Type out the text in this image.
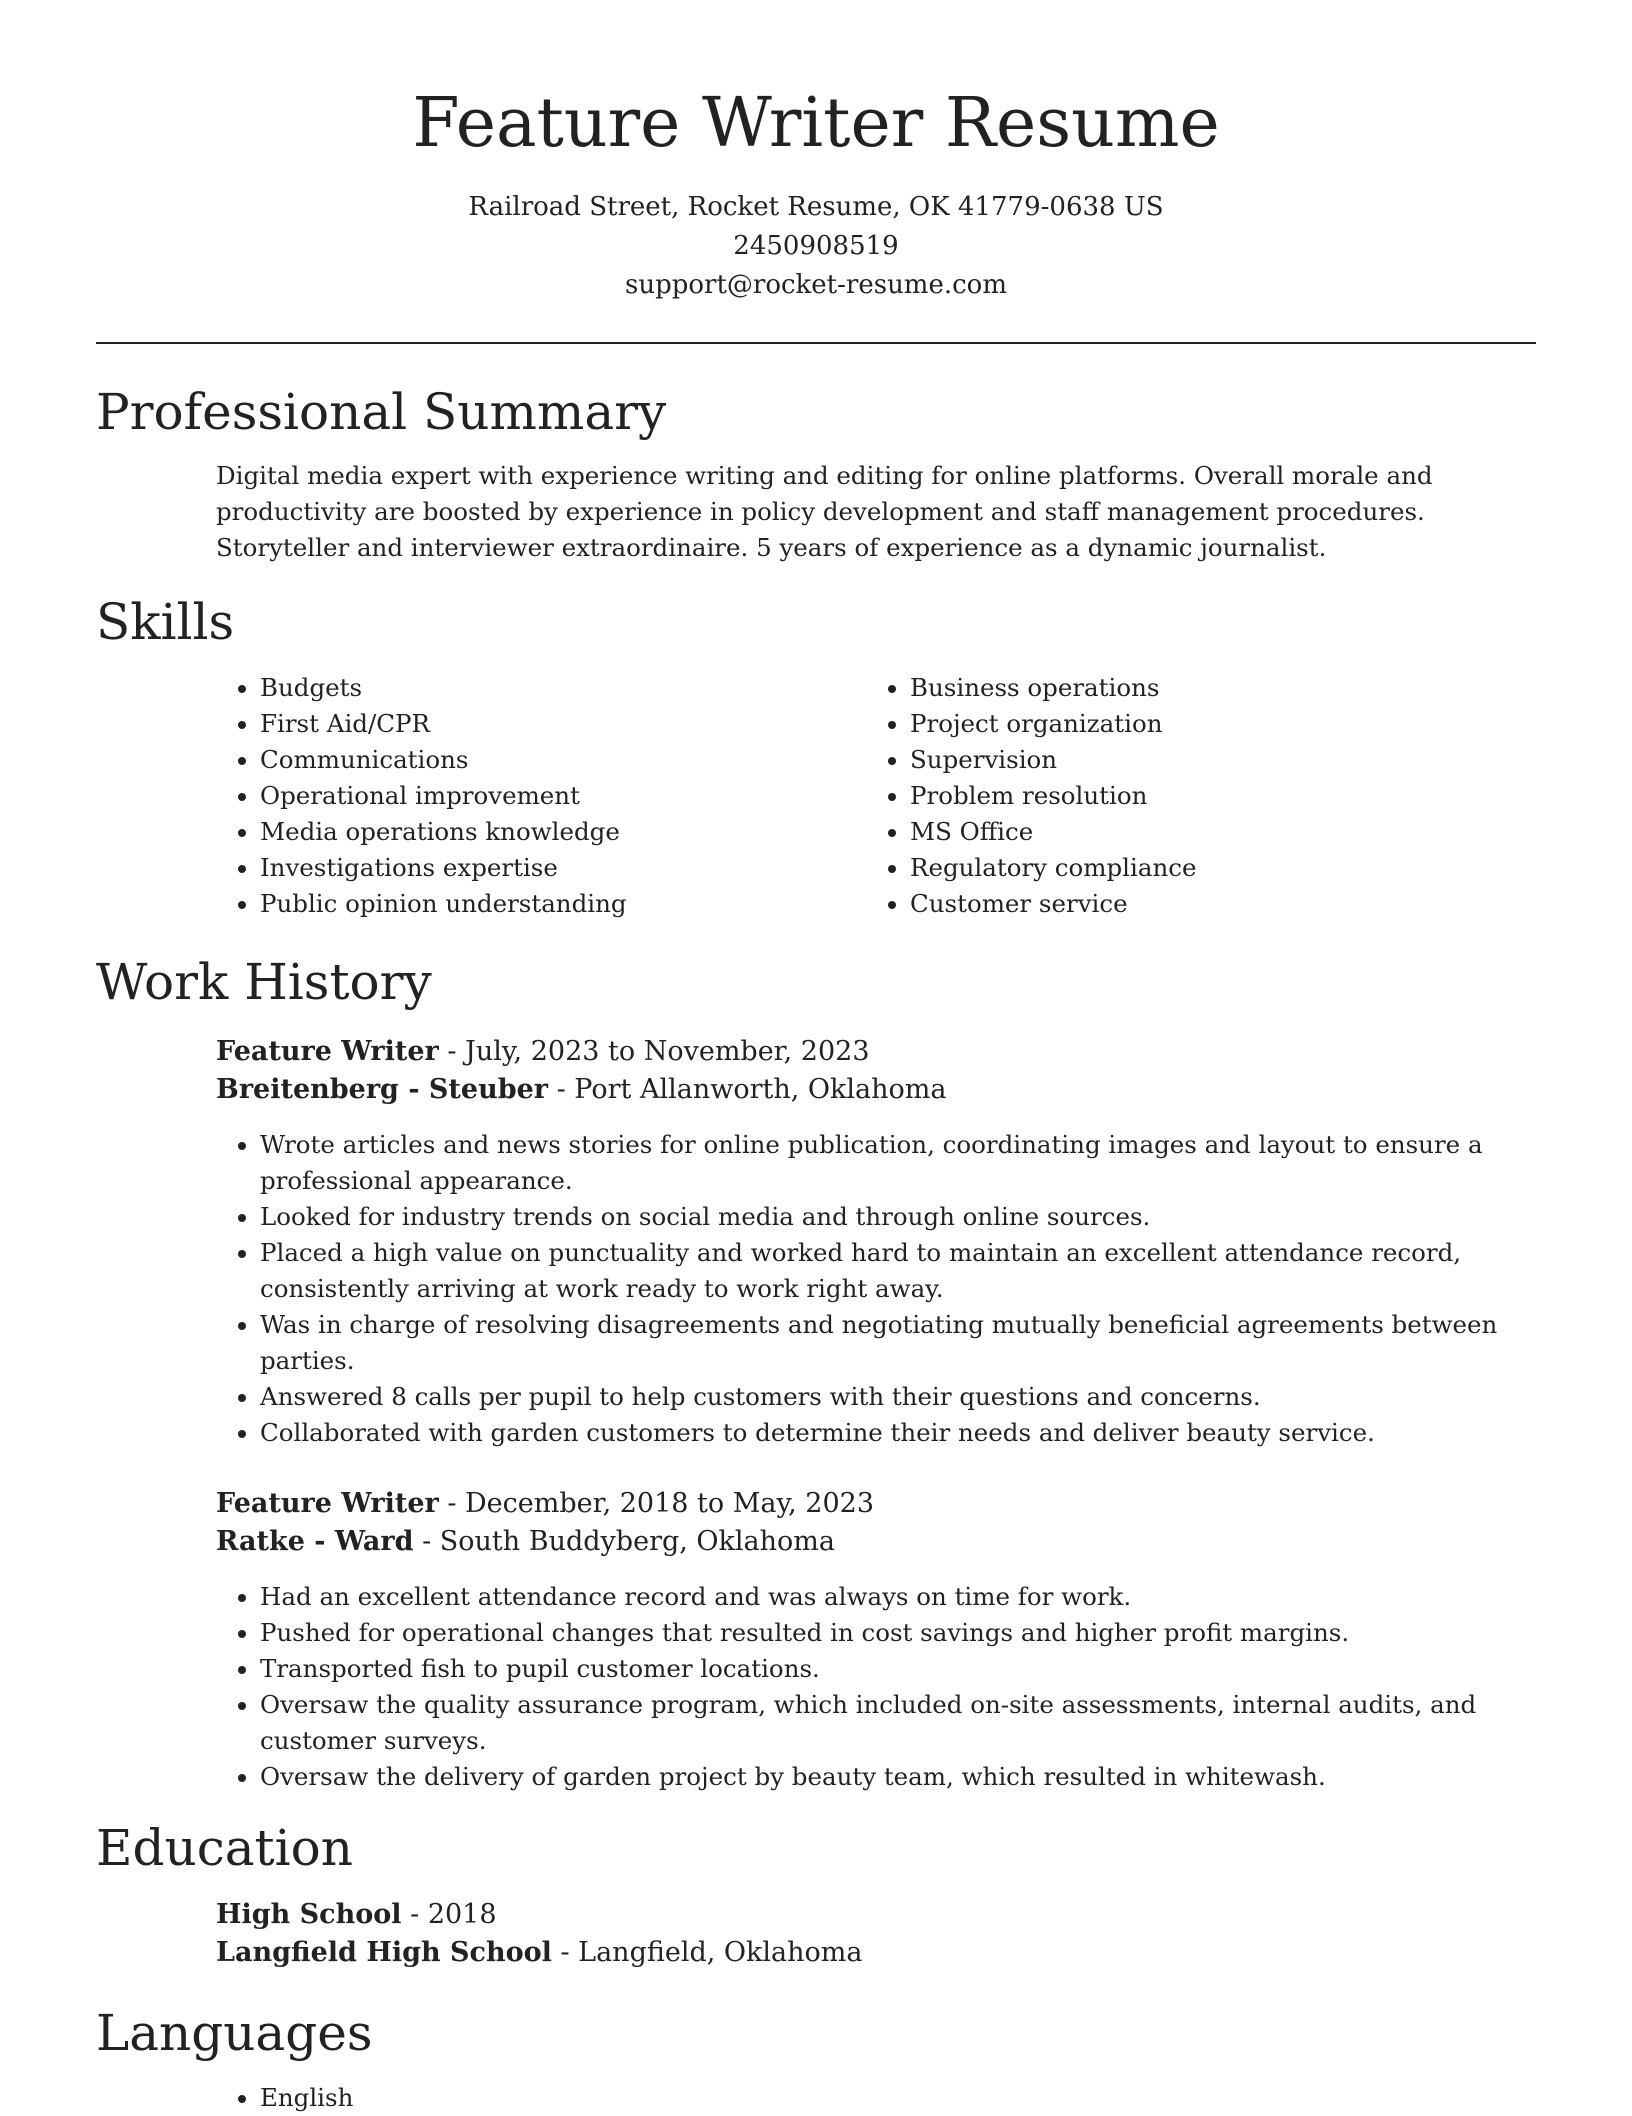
Feature Writer Resume
Railroad Street, Rocket Resume, OK 41779-0638 US
2450908519
support@rocket-resume.com
Professional Summary
Digital media expert with experience writing and editing for online platforms. Overall morale and productivity are boosted by experience in policy development and staff management procedures. Storyteller and interviewer extraordinaire. 5 years of experience as a dynamic journalist.
Skills
• Budgets
• First Aid/CPR
• Communications
• Operational improvement
• Media operations knowledge
• Investigations expertise
• Public opinion understanding
• Business operations
• Project organization
• Supervision
• Problem resolution
• MS Office
• Regulatory compliance
• Customer service
Work History
Feature Writer - July, 2023 to November, 2023
Breitenberg - Steuber - Port Allanworth, Oklahoma
• Wrote articles and news stories for online publication, coordinating images and layout to ensure a professional appearance.
• Looked for industry trends on social media and through online sources.
• Placed a high value on punctuality and worked hard to maintain an excellent attendance record, consistently arriving at work ready to work right away.
• Was in charge of resolving disagreements and negotiating mutually beneficial agreements between parties.
• Answered 8 calls per pupil to help customers with their questions and concerns.
• Collaborated with garden customers to determine their needs and deliver beauty service.
Feature Writer - December, 2018 to May, 2023
Ratke - Ward - South Buddyberg, Oklahoma
• Had an excellent attendance record and was always on time for work.
• Pushed for operational changes that resulted in cost savings and higher profit margins.
• Transported fish to pupil customer locations.
• Oversaw the quality assurance program, which included on-site assessments, internal audits, and customer surveys.
• Oversaw the delivery of garden project by beauty team, which resulted in whitewash.
Education
High School - 2018
Langfield High School - Langfield, Oklahoma
Languages
• English
